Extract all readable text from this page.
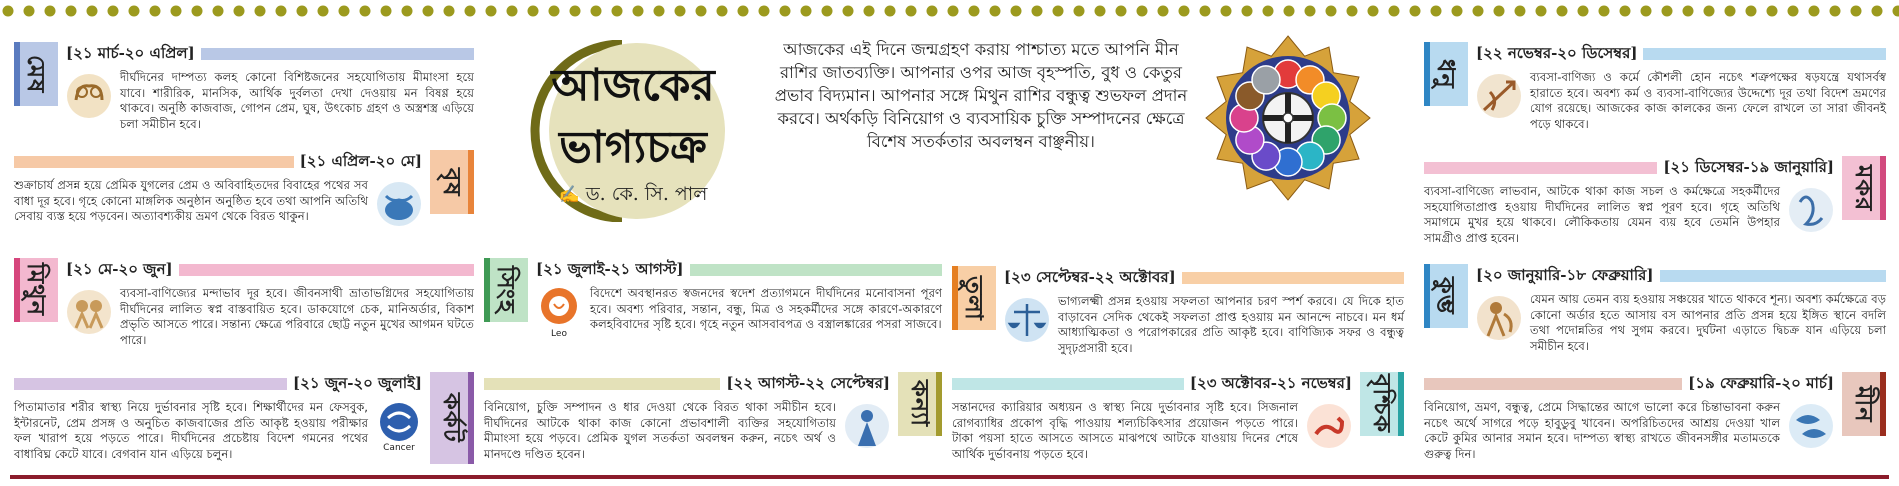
আজকের
ভাগ্যচক্র
✍ ড. কে. সি. পাল
আজকের এই দিনে জন্মগ্রহণ করায় পাশ্চাত্য মতে আপনি মীন রাশির জাতব্যক্তি। আপনার ওপর আজ বৃহস্পতি, বুধ ও কেতুর প্রভাব বিদ্যমান। আপনার সঙ্গে মিথুন রাশির বন্ধুত্ব শুভফল প্রদান করবে। অর্থকড়ি বিনিয়োগ ও ব্যবসায়িক চুক্তি সম্পাদনের ক্ষেত্রে বিশেষ সতর্কতার অবলম্বন বাঞ্ছনীয়।
মেষ
[২১ মার্চ-২০ এপ্রিল]
দীর্ঘদিনের দাম্পত্য কলহ কোনো বিশিষ্টজনের সহযোগিতায় মীমাংসা হয়ে যাবে। শারীরিক, মানসিক, আর্থিক দুর্বলতা দেখা দেওয়ায় মন বিষণ্ণ হয়ে থাকবে। অনুষ্ঠি কাজবাজ, গোপন প্রেম, ঘুষ, উৎকোচ গ্রহণ ও অস্ত্রশস্ত্র এড়িয়ে চলা সমীচীন হবে।
বৃষ
[২১ এপ্রিল-২০ মে]
শুক্রাচার্য প্রসন্ন হয়ে প্রেমিক যুগলের প্রেম ও অবিবাহিতদের বিবাহের পথের সব বাধা দূর হবে। গৃহে কোনো মাঙ্গলিক অনুষ্ঠান অনুষ্ঠিত হবে তথা আপনি অতিথি সেবায় ব্যস্ত হয়ে পড়বেন। অত্যাবশ্যকীয় ভ্রমণ থেকে বিরত থাকুন।
মিথুন [২১ মে-২০ জুন]
ব্যবসা-বাণিজ্যের মন্দাভাব দূর হবে। জীবনসাথী ভ্রাতাভগ্নিদের সহযোগিতায় দীর্ঘদিনের লালিত স্বপ্ন বাস্তবায়িত হবে। ডাকযোগে চেক, মানিঅর্ডার, বিকাশ প্রভৃতি আসতে পারে। সন্তান্য ক্ষেত্রে পরিবারে ছোট্ট নতুন মুখের আগমন ঘটতে পারে।
কর্কট
[২১ জুন-২০ জুলাই]
Cancer
পিতামাতার শরীর স্বাস্থ্য নিয়ে দুর্ভাবনার সৃষ্টি হবে। শিক্ষার্থীদের মন ফেসবুক, ইন্টারনেট, প্রেম প্রসঙ্গ ও অনুচিত কাজবাজের প্রতি আকৃষ্ট হওয়ায় পরীক্ষার ফল খারাপ হয়ে পড়তে পারে। দীর্ঘদিনের প্রচেষ্টায় বিদেশ গমনের পথের বাধাবিঘ্ন কেটে যাবে। বেগবান যান এড়িয়ে চলুন।
সিংহ [২১ জুলাই-২১ আগস্ট]
Leo
বিদেশে অবস্থানরত স্বজনদের স্বদেশ প্রত্যাগমনে দীর্ঘদিনের মনোবাসনা পূরণ হবে। অবশ্য পরিবার, সন্তান, বন্ধু, মিত্র ও সহকর্মীদের সঙ্গে কারণে-অকারণে কলহবিবাদের সৃষ্টি হবে। গৃহে নতুন আসবাবপত্র ও বস্ত্রালঙ্কারের পসরা সাজবে।
কন্যা
[২২ আগস্ট-২২ সেপ্টেম্বর]
বিনিয়োগ, চুক্তি সম্পাদন ও ধার দেওয়া থেকে বিরত থাকা সমীচীন হবে। দীর্ঘদিনের আটকে থাকা কাজ কোনো প্রভাবশালী ব্যক্তির সহযোগিতায় মীমাংসা হয়ে পড়বে। প্রেমিক যুগল সতর্কতা অবলম্বন করুন, নচেৎ অর্থ ও মানদণ্ডে দণ্ডিত হবেন।
তুলা [২৩ সেপ্টেম্বর-২২ অক্টোবর]
ভাগ্যলক্ষ্মী প্রসন্ন হওয়ায় সফলতা আপনার চরণ স্পর্শ করবে। যে দিকে হাত বাড়াবেন সেদিক থেকেই সফলতা প্রাপ্ত হওয়ায় মন আনন্দে নাচবে। মন ধর্ম আধ্যাত্মিকতা ও পরোপকারের প্রতি আকৃষ্ট হবে। বাণিজ্যিক সফর ও বন্ধুত্ব সুদৃঢ়প্রসারী হবে।
বৃশ্চিক
[২৩ অক্টোবর-২১ নভেম্বর]
সন্তানদের ক্যারিয়ার অধ্যয়ন ও স্বাস্থ্য নিয়ে দুর্ভাবনার সৃষ্টি হবে। সিজনাল রোগব্যাধির প্রকোপ বৃদ্ধি পাওয়ায় শল্যচিকিৎসার প্রয়োজন পড়তে পারে। টাকা পয়সা হাতে আসতে আসতে মাঝপথে আটকে যাওয়ায় দিনের শেষে আর্থিক দুর্ভাবনায় পড়তে হবে।
ধনু
[২২ নভেম্বর-২০ ডিসেম্বর]
ব্যবসা-বাণিজ্য ও কর্মে কৌশলী হোন নচেৎ শত্রুপক্ষের ষড়যন্ত্রে যথাসর্বস্ব হারাতে হবে। অবশ্য কর্ম ও ব্যবসা-বাণিজ্যের উদ্দেশ্যে দূর তথা বিদেশ ভ্রমণের যোগ রয়েছে। আজকের কাজ কালকের জন্য ফেলে রাখলে তা সারা জীবনই পড়ে থাকবে।
মকর
[২১ ডিসেম্বর-১৯ জানুয়ারি]
ব্যবসা-বাণিজ্যে লাভবান, আটকে থাকা কাজ সচল ও কর্মক্ষেত্রে সহকর্মীদের সহযোগিতাপ্রাপ্ত হওয়ায় দীর্ঘদিনের লালিত স্বপ্ন পূরণ হবে। গৃহে অতিথি সমাগমে মুখর হয়ে থাকবে। লৌকিকতায় যেমন ব্যয় হবে তেমনি উপহার সামগ্রীও প্রাপ্ত হবেন।
কুম্ভ
[২০ জানুয়ারি-১৮ ফেব্রুয়ারি]
যেমন আয় তেমন ব্যয় হওয়ায় সঞ্চয়ের খাতে থাকবে শূন্য। অবশ্য কর্মক্ষেত্রে বড় কোনো অর্ডার হতে আসায় বস আপনার প্রতি প্রসন্ন হয়ে ইঙ্গিত স্থানে বদলি তথা পদোন্নতির পথ সুগম করবে। দুর্ঘটনা এড়াতে দ্বিচক্র যান এড়িয়ে চলা সমীচীন হবে।
মীন
[১৯ ফেব্রুয়ারি-২০ মার্চ]
বিনিয়োগ, ভ্রমণ, বন্ধুত্ব, প্রেমে সিদ্ধান্তের আগে ভালো করে চিন্তাভাবনা করুন নচেৎ অর্থে সাগরে পড়ে হাবুডুবু খাবেন। অপরিচিতদের আশ্রয় দেওয়া খাল কেটে কুমির আনার সমান হবে। দাম্পত্য স্বাস্থ্য রাখতে জীবনসঙ্গীর মতামতকে গুরুত্ব দিন।
